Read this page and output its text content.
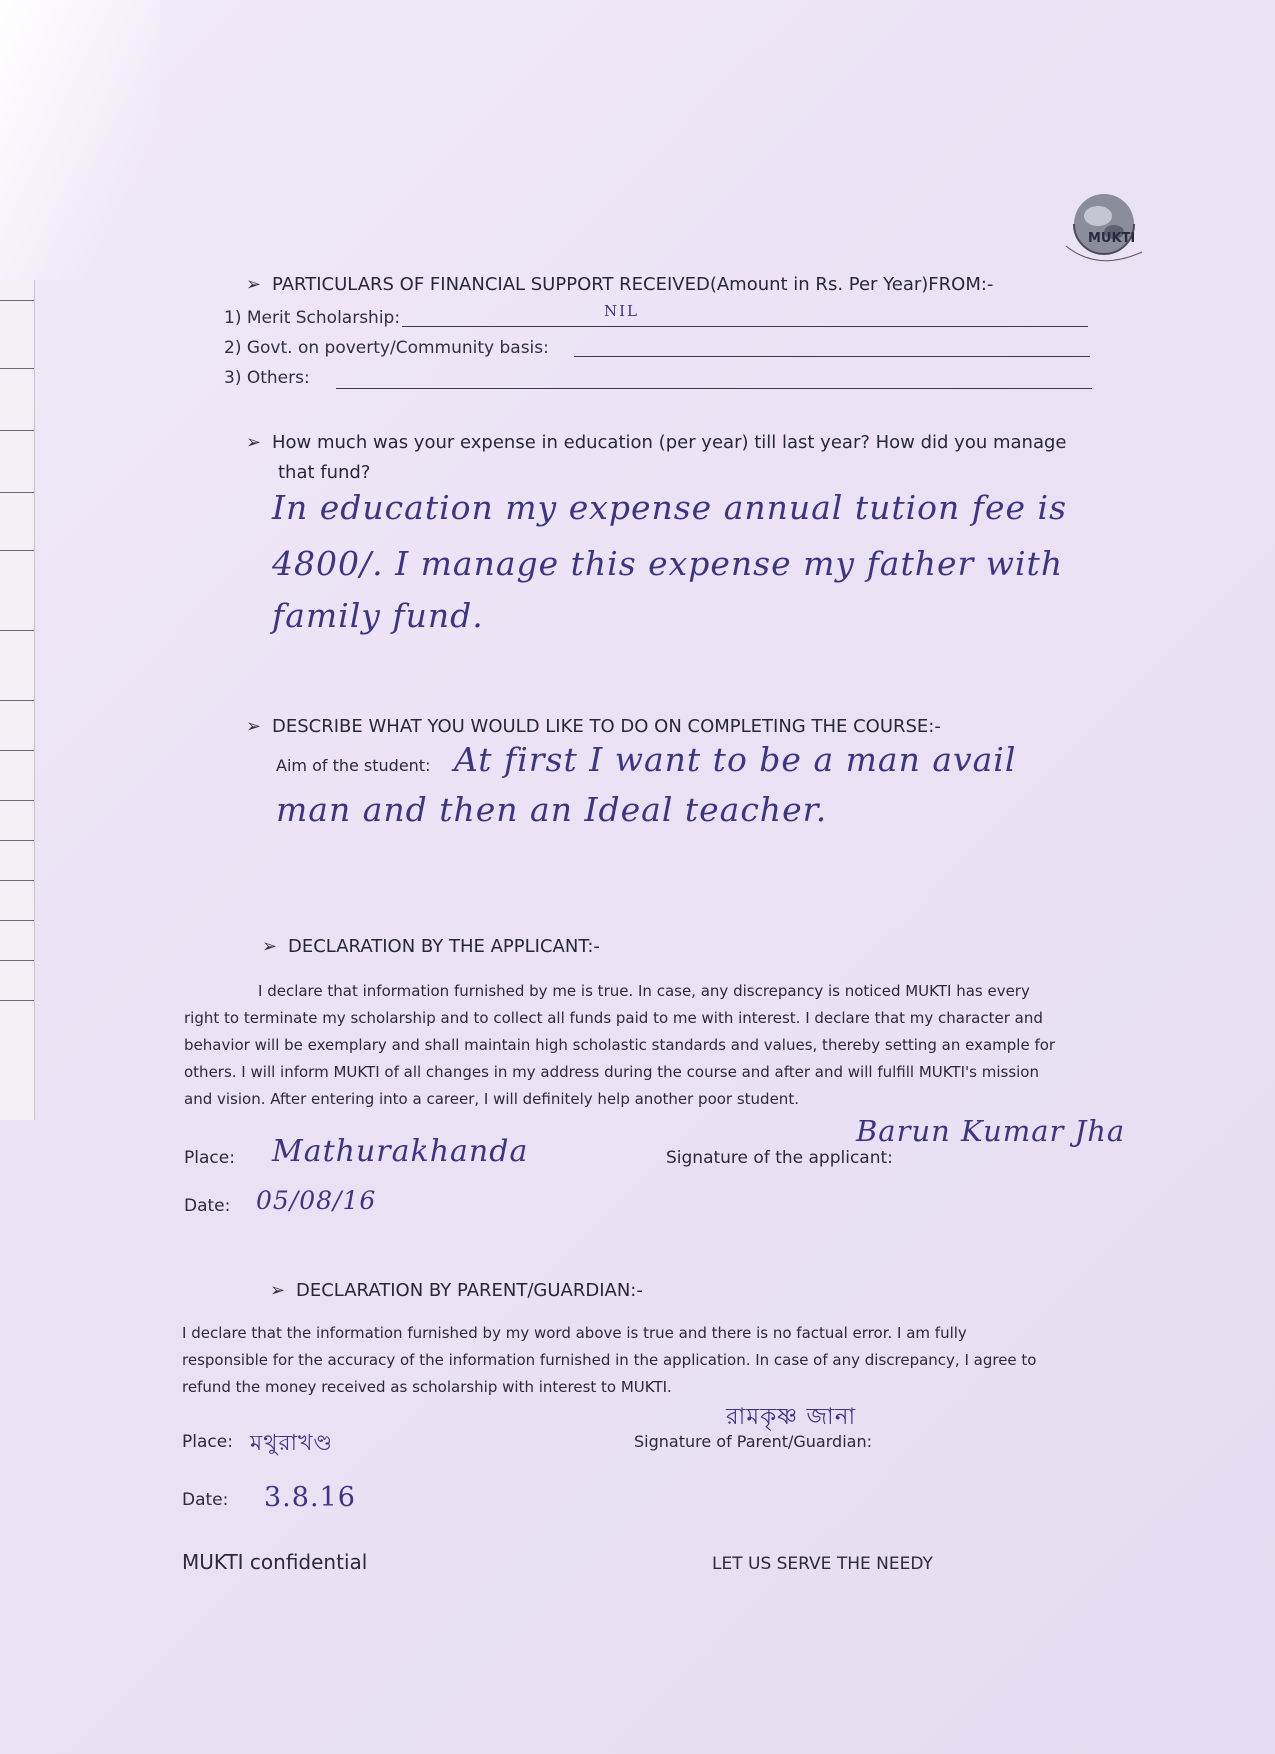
MUKTI
➢ PARTICULARS OF FINANCIAL SUPPORT RECEIVED(Amount in Rs. Per Year)FROM:-
1) Merit Scholarship:	NIL
2) Govt. on poverty/Community basis:
3) Others:
➢ How much was your expense in education (per year) till last year? How did you manage
that fund?
In education my expense annual tution fee is
4800/. I manage this expense my father with
family fund.
➢ DESCRIBE WHAT YOU WOULD LIKE TO DO ON COMPLETING THE COURSE:-
Aim of the student: At first I want to be a man avail
man and then an Ideal teacher.
➢ DECLARATION BY THE APPLICANT:-
I declare that information furnished by me is true. In case, any discrepancy is noticed MUKTI has every
right to terminate my scholarship and to collect all funds paid to me with interest. I declare that my character and
behavior will be exemplary and shall maintain high scholastic standards and values, thereby setting an example for
others. I will inform MUKTI of all changes in my address during the course and after and will fulfill MUKTI's mission
and vision. After entering into a career, I will definitely help another poor student.
Place: Mathurakhanda	Signature of the applicant:
Barun Kumar Jha
Date: 05/08/16
➢ DECLARATION BY PARENT/GUARDIAN:-
I declare that the information furnished by my word above is true and there is no factual error. I am fully
responsible for the accuracy of the information furnished in the application. In case of any discrepancy, I agree to
refund the money received as scholarship with interest to MUKTI.
Place: মথুরাখণ্ড
রামকৃষ্ণ জানা
Signature of Parent/Guardian:
Date: 3.8.16
MUKTI confidential	LET US SERVE THE NEEDY
